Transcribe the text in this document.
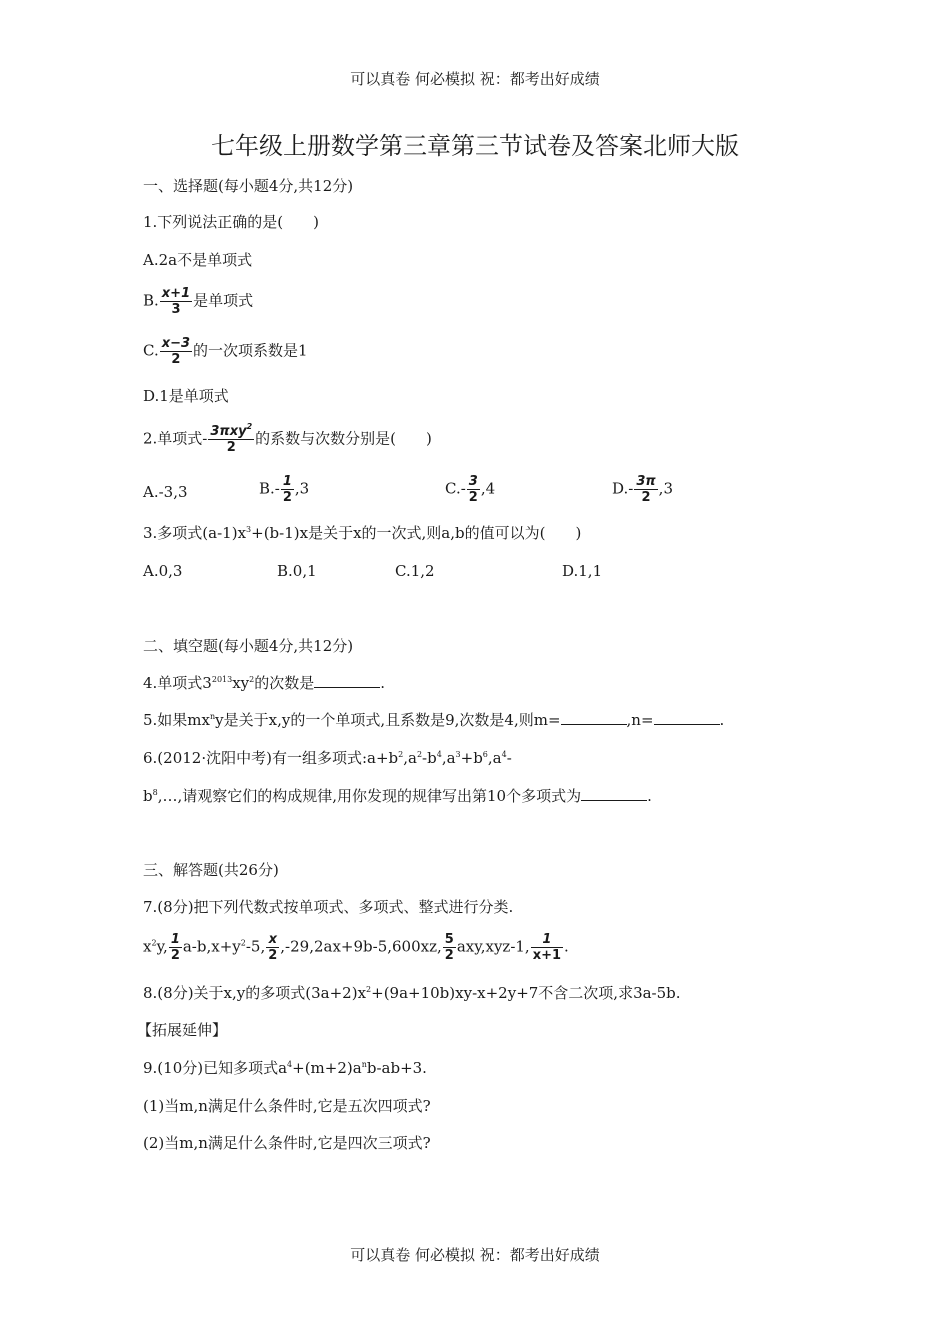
可以真卷 何必模拟 祝：都考出好成绩
七年级上册数学第三章第三节试卷及答案北师大版
一、选择题(每小题4分,共12分)
1.下列说法正确的是(　　)
A.2a不是单项式
B. $\frac{x+1}{3}$ 是单项式
C. $\frac{x-3}{2}$ 的一次项系数是1
D.1是单项式
2.单项式- $\frac{3\pi xy^2}{2}$ 的系数与次数分别是(　　)
A.-3,3	$B.- \frac{1}{2} ,3$	$C.- \frac{3}{2} ,4$	$D.- \frac{3\pi}{2} ,3$
3.多项式$(a-1)x^3+(b-1)x$是关于x的一次式,则a,b的值可以为(　　)
A.0,3	B.0,1	C.1,2	D.1,1
二、填空题(每小题4分,共12分)
4.单项式$3^{2013}xy^2$的次数是	.
5.如果$mx^ny$是关于x,y的一个单项式,且系数是9,次数是4,则m=	,n=	.
6.(2012·沈阳中考)有一组多项式$:a+b^2,a^2-b^4,a^3+b^6,a^4-$
$b^8,\dots$,请观察它们的构成规律,用你发现的规律写出第10个多项式为	.
三、解答题(共26分)
7.(8分)把下列代数式按单项式、多项式、整式进行分类.
$x^2y$, $\frac{1}{2} a-b,x+y^2-5$, $\frac{x}{2} ,-29,2ax+9b-5,600xz$, $\frac{5}{2} axy,xyz-1$, $\frac{1}{x+1}$ .
8.(8分)关于x,y的多项式$(3a+2)x^2+(9a+10b)xy-x+2y+7$不含二次项,求3a-5b.
【拓展延伸】
9.(10分)已知多项式$a^4+(m+2)a^nb-ab+3$.
(1)当m,n满足什么条件时,它是五次四项式?
(2)当m,n满足什么条件时,它是四次三项式?
可以真卷 何必模拟 祝：都考出好成绩
